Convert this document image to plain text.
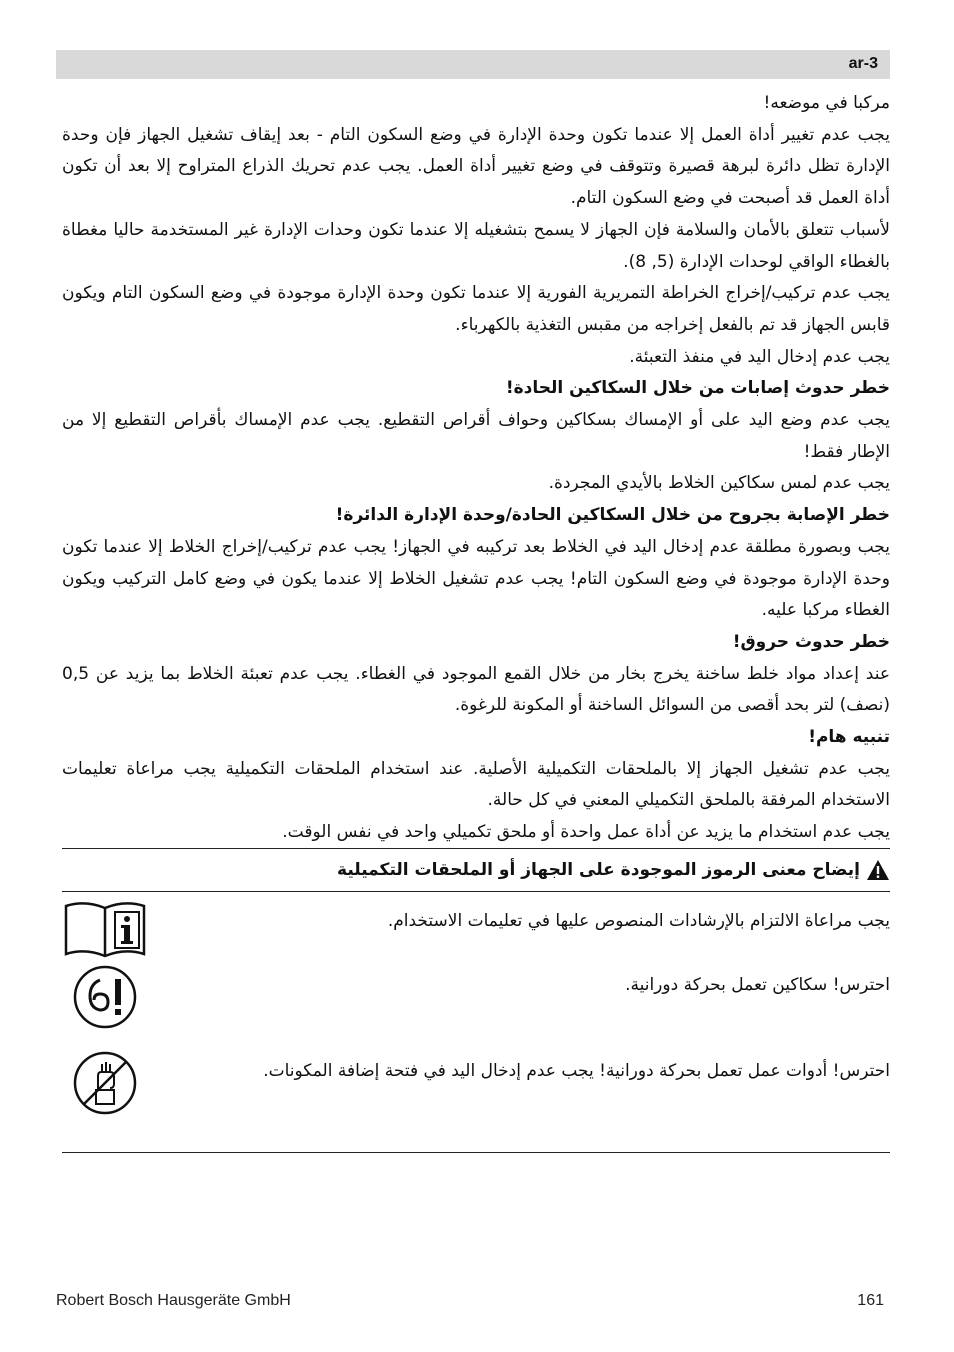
ar-3

مركبا في موضعه!

يجب عدم تغيير أداة العمل إلا عندما تكون وحدة الإدارة في وضع السكون التام - بعد إيقاف تشغيل الجهاز فإن وحدة الإدارة تظل دائرة لبرهة قصيرة وتتوقف في وضع تغيير أداة العمل. يجب عدم تحريك الذراع المتراوح إلا بعد أن تكون أداة العمل قد أصبحت في وضع السكون التام.

لأسباب تتعلق بالأمان والسلامة فإن الجهاز لا يسمح بتشغيله إلا عندما تكون وحدات الإدارة غير المستخدمة حاليا مغطاة بالغطاء الواقي لوحدات الإدارة (5, 8).

يجب عدم تركيب/إخراج الخراطة التمريرية الفورية إلا عندما تكون وحدة الإدارة موجودة في وضع السكون التام ويكون قابس الجهاز قد تم بالفعل إخراجه من مقبس التغذية بالكهرباء.

يجب عدم إدخال اليد في منفذ التعبئة.

خطر حدوث إصابات من خلال السكاكين الحادة!

يجب عدم وضع اليد على أو الإمساك بسكاكين وحواف أقراص التقطيع. يجب عدم الإمساك بأقراص التقطيع إلا من الإطار فقط!

يجب عدم لمس سكاكين الخلاط بالأيدي المجردة.

خطر الإصابة بجروح من خلال السكاكين الحادة/وحدة الإدارة الدائرة!

يجب وبصورة مطلقة عدم إدخال اليد في الخلاط بعد تركيبه في الجهاز! يجب عدم تركيب/إخراج الخلاط إلا عندما تكون وحدة الإدارة موجودة في وضع السكون التام! يجب عدم تشغيل الخلاط إلا عندما يكون في وضع كامل التركيب ويكون الغطاء مركبا عليه.

خطر حدوث حروق!

عند إعداد مواد خلط ساخنة يخرج بخار من خلال القمع الموجود في الغطاء. يجب عدم تعبئة الخلاط بما يزيد عن 0,5 (نصف) لتر بحد أقصى من السوائل الساخنة أو المكونة للرغوة.

تنبيه هام!

يجب عدم تشغيل الجهاز إلا بالملحقات التكميلية الأصلية. عند استخدام الملحقات التكميلية يجب مراعاة تعليمات الاستخدام المرفقة بالملحق التكميلي المعني في كل حالة.

يجب عدم استخدام ما يزيد عن أداة عمل واحدة أو ملحق تكميلي واحد في نفس الوقت.

إيضاح معنى الرموز الموجودة على الجهاز أو الملحقات التكميلية
يجب مراعاة الالتزام بالإرشادات المنصوص عليها في تعليمات الاستخدام.
احترس! سكاكين تعمل بحركة دورانية.
احترس! أدوات عمل تعمل بحركة دورانية! يجب عدم إدخال اليد في فتحة إضافة المكونات.
Robert Bosch Hausgeräte GmbH	161
